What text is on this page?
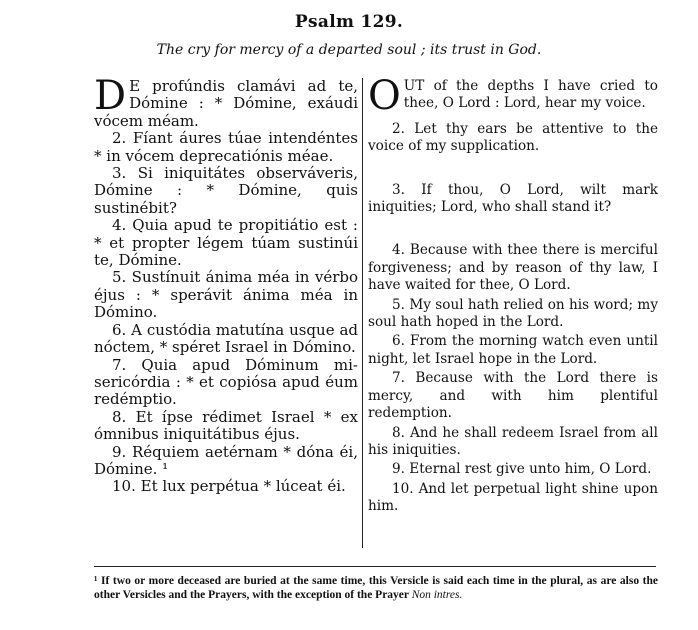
Psalm 129.
The cry for mercy of a departed soul ; its trust in God.

D E profúndis clamávi ad te, Dómine : * Dómine, exáudi vócem méam.

2. Fíant áures túae intendéntes * in vócem deprecatiónis méae.

3. Si iniquitátes observáveris, Dómine : * Dómine, quis sustinébit?

4. Quia apud te propitiátio est : * et propter légem túam sustinúi te, Dómine.

5. Sustínuit ánima méa in vérbo éjus : * sperávit ánima méa in Dómino.

6. A custódia matutína usque ad nóctem, * spéret Israel in Dómino.

7. Quia apud Dóminum misericórdia : * et copiósa apud éum redémptio.

8. Et ípse rédimet Israel * ex ómnibus iniquitátibus éjus.

9. Réquiem aetérnam * dóna éi, Dómine. ¹

10. Et lux perpétua * lúceat éi.

OUT of the depths I have cried to thee, O Lord : Lord, hear my voice.

2. Let thy ears be attentive to the voice of my supplication.

3. If thou, O Lord, wilt mark iniquities; Lord, who shall stand it?

4. Because with thee there is merciful forgiveness; and by reason of thy law, I have waited for thee, O Lord.

5. My soul hath relied on his word; my soul hath hoped in the Lord.

6. From the morning watch even until night, let Israel hope in the Lord.

7. Because with the Lord there is mercy, and with him plentiful redemption.

8. And he shall redeem Israel from all his iniquities.

9. Eternal rest give unto him, O Lord.

10. And let perpetual light shine upon him.

¹ If two or more deceased are buried at the same time, this Versicle is said each time in the plural, as are also the other Versicles and the Prayers, with the exception of the Prayer Non intres.
